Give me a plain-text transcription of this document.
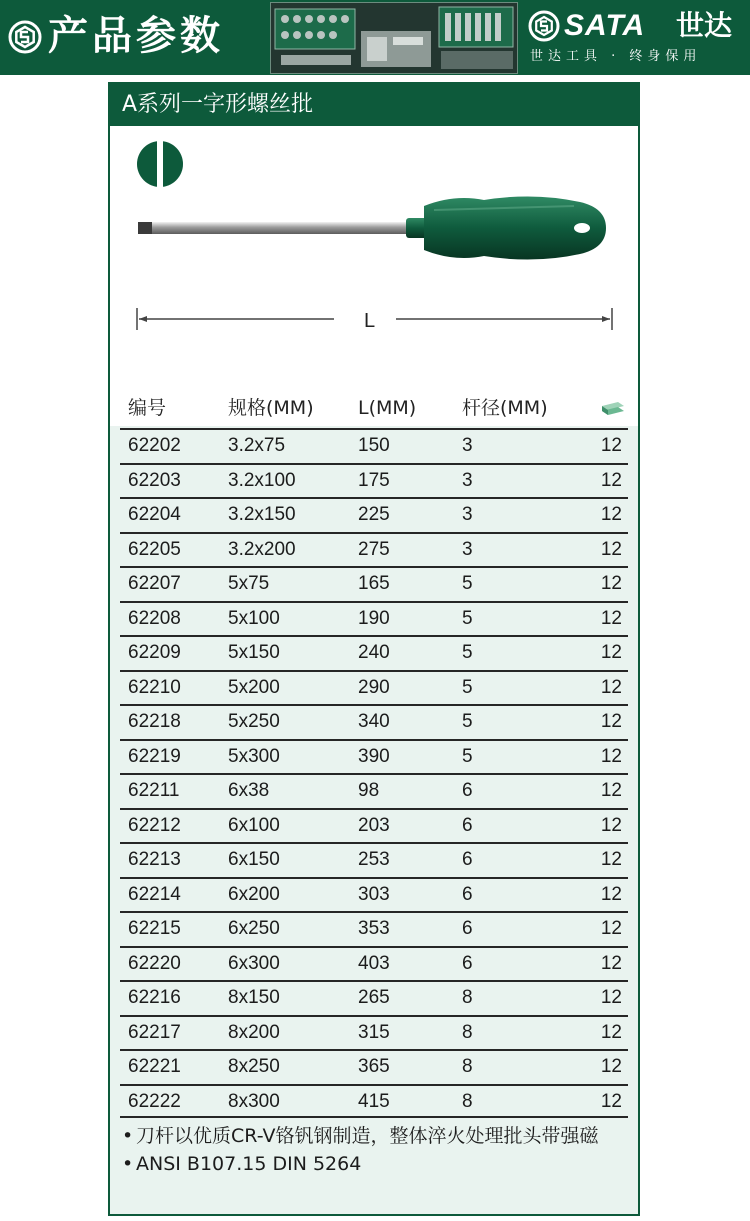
产品参数	SATA 世达
世达工具 · 终身保用
A系列一字形螺丝批
L
编号	规格(MM) L(MM) 杆径(MM)
62202 3.2x75	150	3	12
62203 3.2x100	175	3	12
62204 3.2x150	225	3	12
62205 3.2x200	275	3	12
62207 5x75	165	5	12
62208 5x100	190	5	12
62209 5x150	240	5	12
62210 5x200	290	5	12
62218 5x250	340	5	12
62219 5x300	390	5	12
62211	6x38	98	6	12
62212 6x100	203	6	12
62213 6x150	253	6	12
62214 6x200	303	6	12
62215 6x250	353	6	12
62220 6x300	403	6	12
62216 8x150	265	8	12
62217 8x200	315	8	12
62221 8x250	365	8	12
62222 8x300	415	8	12
• 刀杆以优质CR-V铬钒钢制造，整体淬火处理批头带强磁
• ANSI B107.15 DIN 5264
